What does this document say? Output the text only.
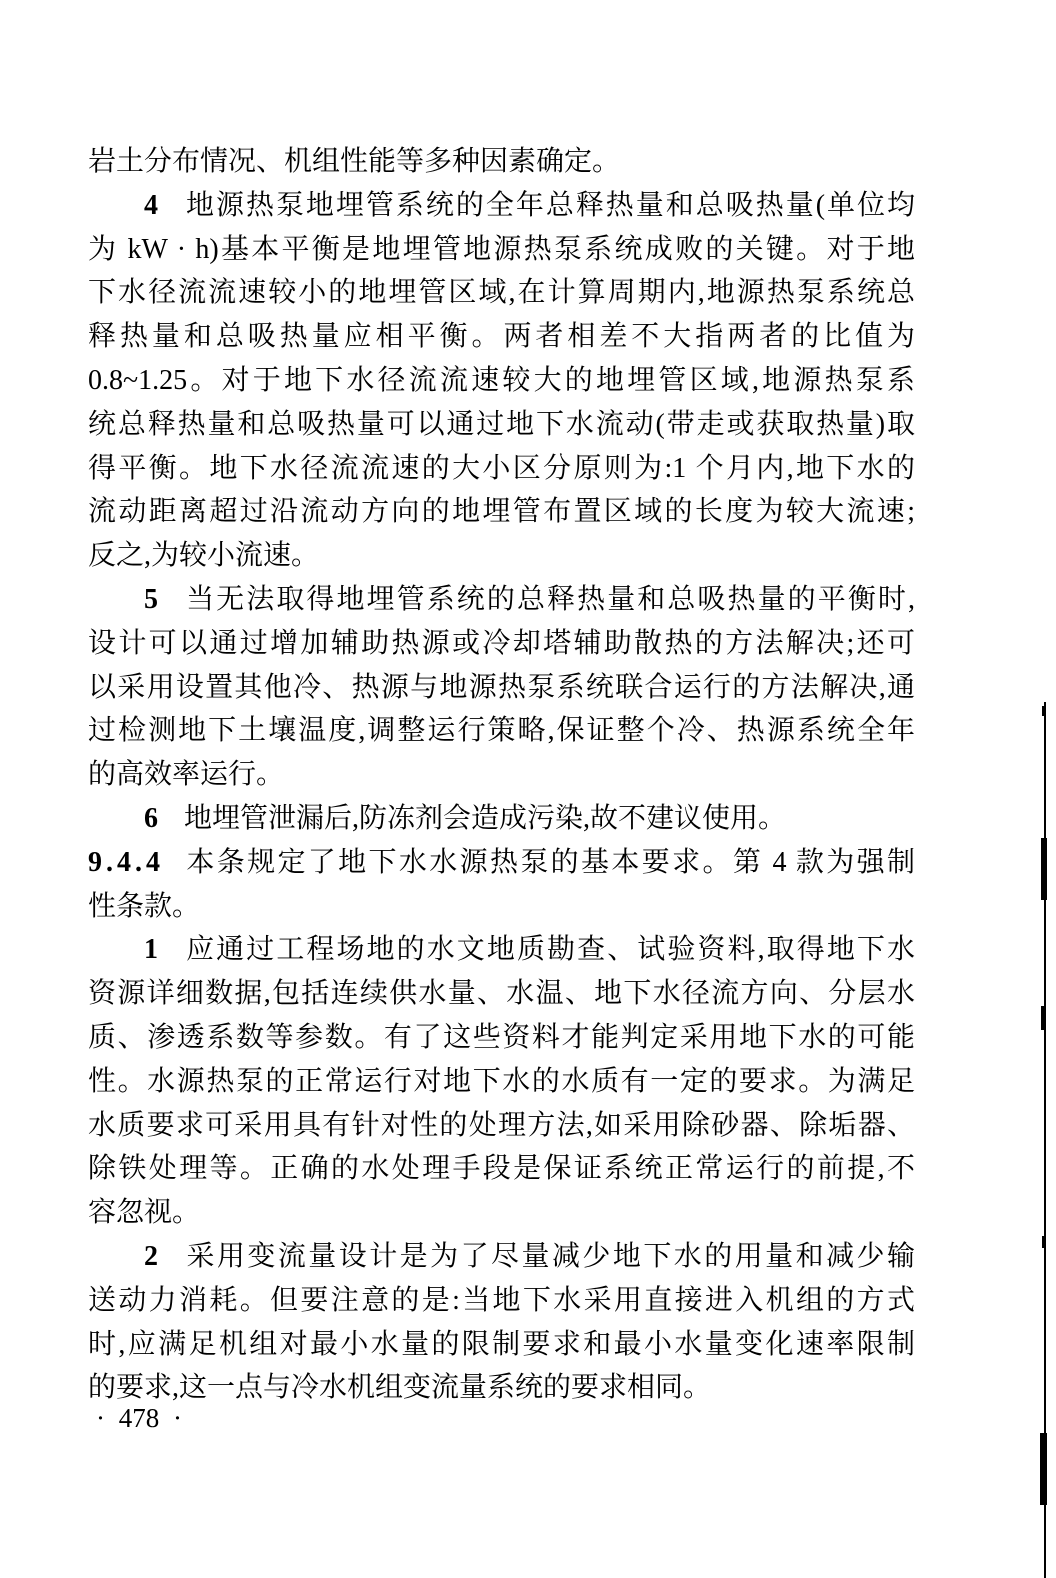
岩土分布情况、机组性能等多种因素确定。
4 地源热泵地埋管系统的全年总释热量和总吸热量(单位均
为 kW · h)基本平衡是地埋管地源热泵系统成败的关键。对于地
下水径流流速较小的地埋管区域,在计算周期内,地源热泵系统总
释热量和总吸热量应相平衡。两者相差不大指两者的比值为
0.8~1.25。对于地下水径流流速较大的地埋管区域,地源热泵系
统总释热量和总吸热量可以通过地下水流动(带走或获取热量)取
得平衡。地下水径流流速的大小区分原则为:1 个月内,地下水的
流动距离超过沿流动方向的地埋管布置区域的长度为较大流速;
反之,为较小流速。
5 当无法取得地埋管系统的总释热量和总吸热量的平衡时,
设计可以通过增加辅助热源或冷却塔辅助散热的方法解决;还可
以采用设置其他冷、热源与地源热泵系统联合运行的方法解决,通
过检测地下土壤温度,调整运行策略,保证整个冷、热源系统全年
的高效率运行。
6 地埋管泄漏后,防冻剂会造成污染,故不建议使用。
9.4.4 本条规定了地下水水源热泵的基本要求。第 4 款为强制
性条款。
1 应通过工程场地的水文地质勘查、试验资料,取得地下水
资源详细数据,包括连续供水量、水温、地下水径流方向、分层水
质、渗透系数等参数。有了这些资料才能判定采用地下水的可能
性。水源热泵的正常运行对地下水的水质有一定的要求。为满足
水质要求可采用具有针对性的处理方法,如采用除砂器、除垢器、
除铁处理等。正确的水处理手段是保证系统正常运行的前提,不
容忽视。
2 采用变流量设计是为了尽量减少地下水的用量和减少输
送动力消耗。但要注意的是:当地下水采用直接进入机组的方式
时,应满足机组对最小水量的限制要求和最小水量变化速率限制
的要求,这一点与冷水机组变流量系统的要求相同。
· 478 ·
